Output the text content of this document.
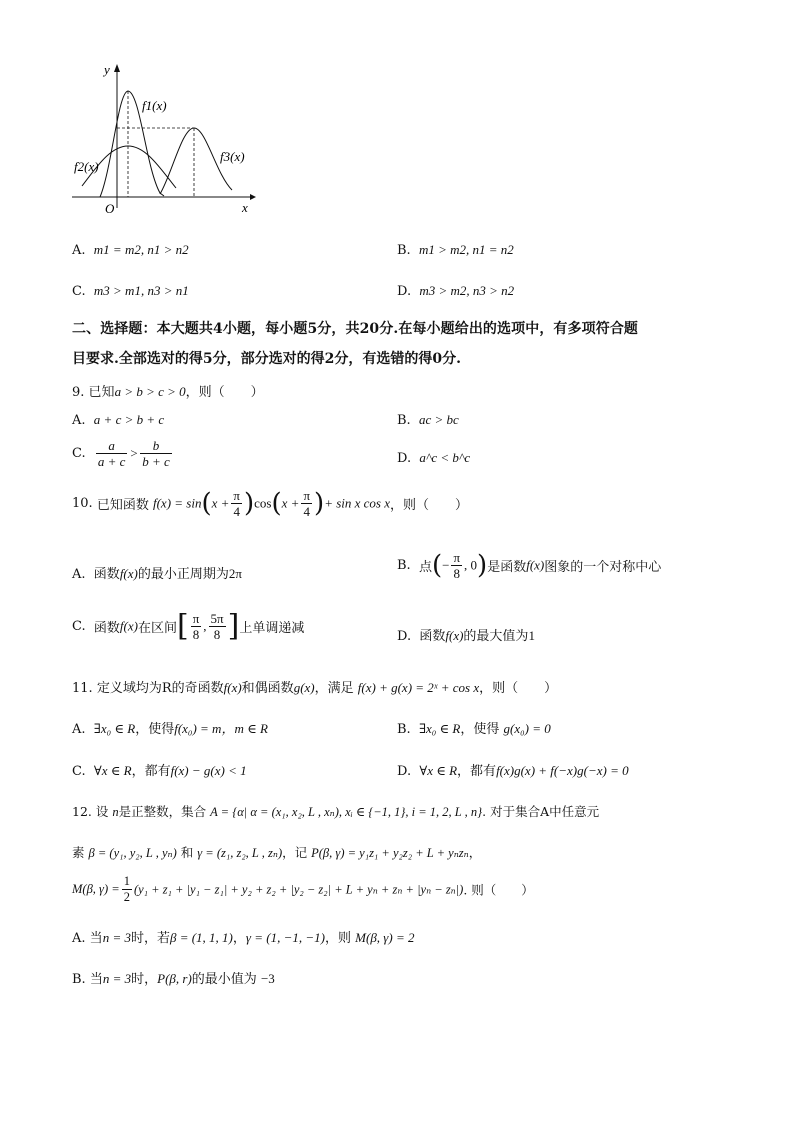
y
x
O
f1(x)
f2(x)
f3(x)
A. m1 = m2, n1 > n2	B. m1 > m2, n1 = n2
C. m3 > m1, n3 > n1	D. m3 > m2, n3 > n2
二、选择题：本大题共4小题，每小题5分，共20分.在每小题给出的选项中，有多项符合题
目要求.全部选对的得5分，部分选对的得2分，有选错的得0分.
9. 已知a > b > c > 0，则（　　）
A. a + c > b + c	B. ac > bc
C. $\frac{a}{a + c} > \frac{b}{b + c}$	D. a^c < b^c
10. 已知函数 $f(x) = \sin(x + \frac{\pi}{4} )\cos(x + \frac{\pi}{4}$ )+ sin x cos x，则（　　）
A. 函数f(x)的最小正周期为2π
B. 点(− $\frac{\pi}{8}$ , 0)是函数f(x)图象的一个对称中心
C. 函数f(x)在区间[ $\frac{\pi}{8}$ , $\frac{5\pi}{8}$ ]上单调递减
D. 函数f(x)的最大值为1
11. 定义域均为R的奇函数f(x)和偶函数g(x)，满足 f(x) + g(x) = 2ˣ + cos x，则（　　）
A. ∃x₀ ∈ R，使得f(x₀) = m，m ∈ R	B. ∃x₀ ∈ R，使得 g(x₀) = 0
C. ∀x ∈ R，都有f(x) − g(x) < 1	D. ∀x ∈ R，都有f(x)g(x) + f(−x)g(−x) = 0
12. 设 n是正整数，集合 A = {α| α = (x₁, x₂, L , xₙ), xᵢ ∈ {−1, 1}, i = 1, 2, L , n}. 对于集合A中任意元
素 β = (y₁, y₂, L , yₙ) 和 γ = (z₁, z₂, L , zₙ)，记 P(β, γ) = y₁z₁ + y₂z₂ + L + yₙzₙ，
M(β, $\gamma) = \frac{1}{2} (y_1 + z_1 + |y_1 - z_1| + y_2 + z_2 + |y_2 - z_2| + L + y_n + z_n + |y_n - z_n|)$. 则（　　）
A. 当n = 3时，若β = (1, 1, 1)，γ = (1, −1, −1)，则 M(β, γ) = 2
B. 当n = 3时，P(β, r)的最小值为 −3
